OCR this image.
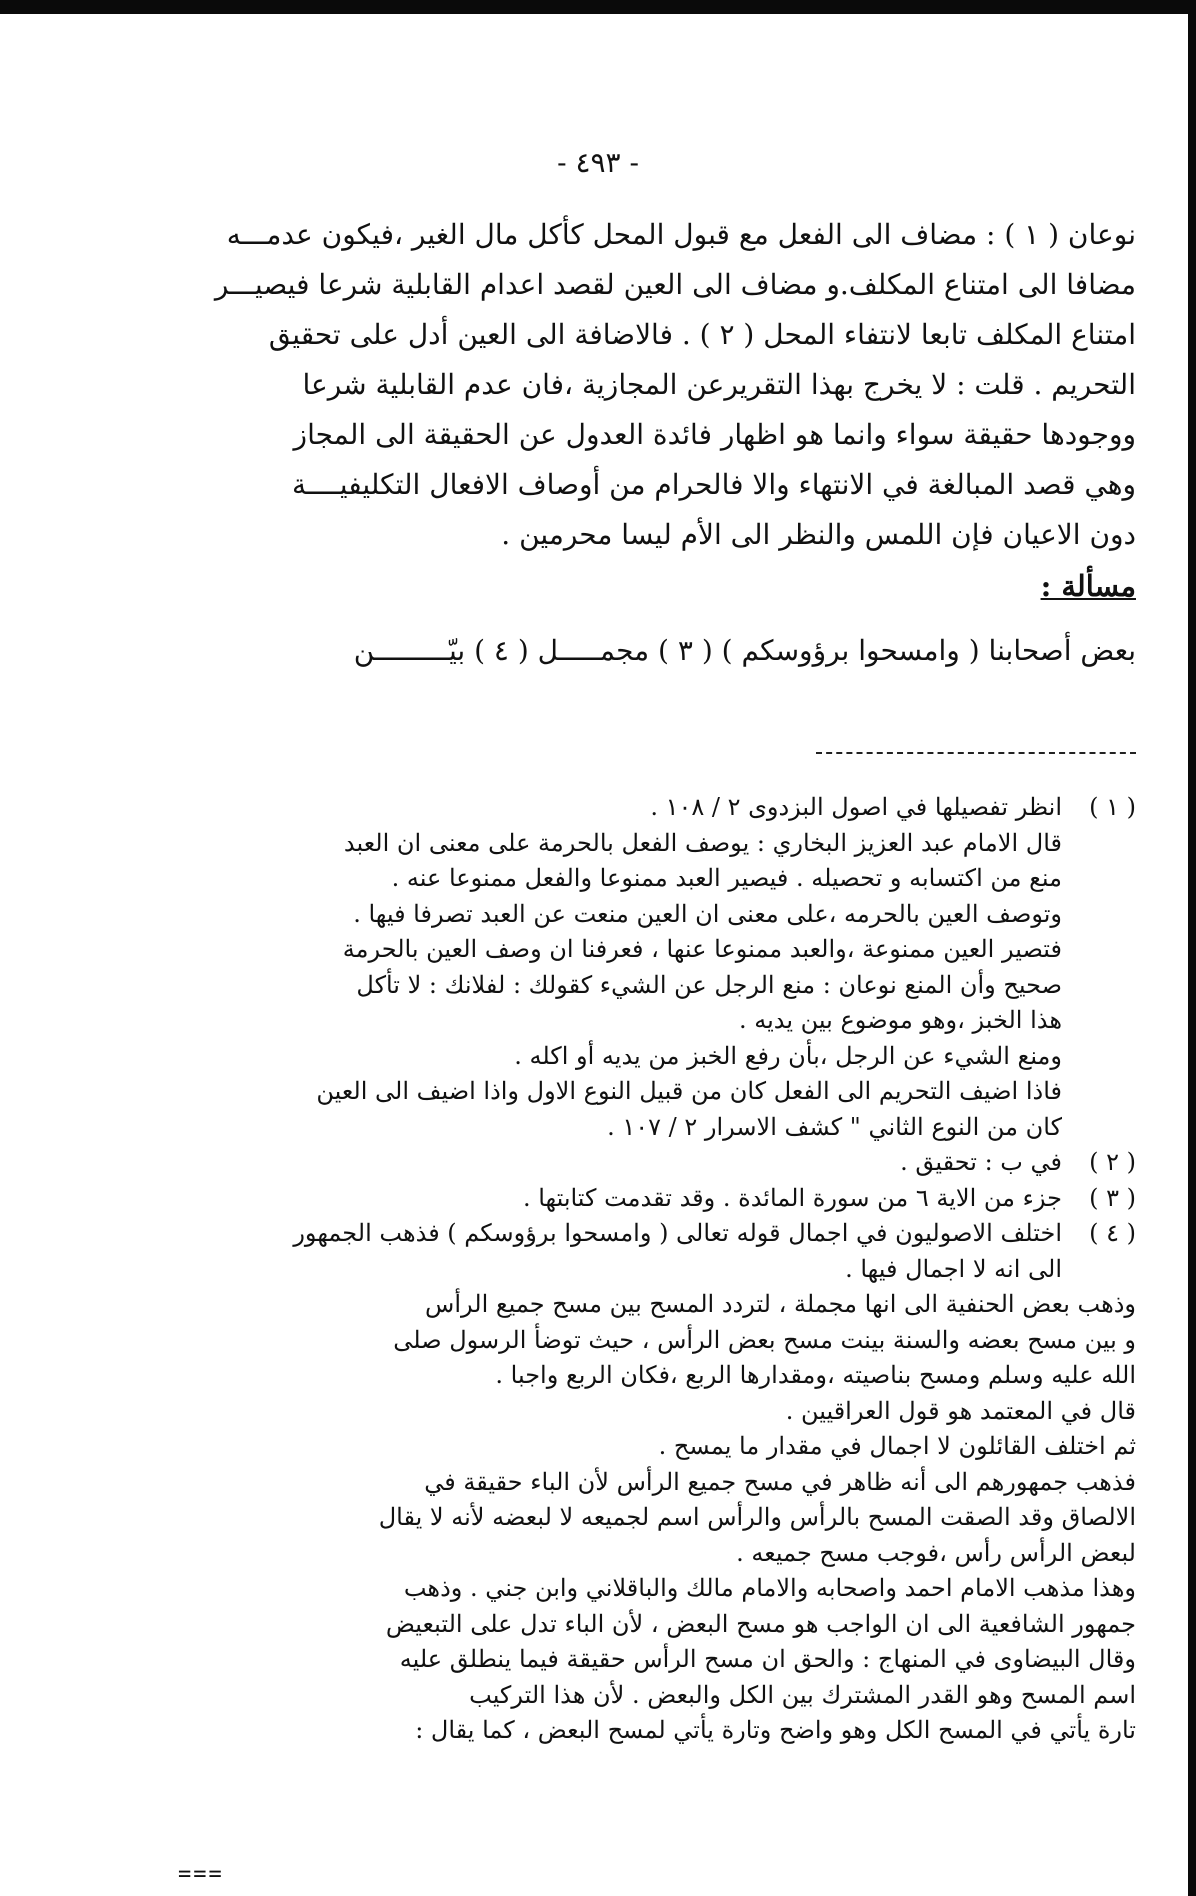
- ٤٩٣ -
نوعان ( ١ ) : مضاف الى الفعل مع قبول المحل كأكل مال الغير ،فيكون عدمـــه
مضافا الى امتناع المكلف.و مضاف الى العين لقصد اعدام القابلية شرعا فيصيـــر
امتناع المكلف تابعا لانتفاء المحل ( ٢ ) . فالاضافة الى العين أدل على تحقيق
التحريم . قلت : لا يخرج بهذا التقريرعن المجازية ،فان عدم القابلية شرعا
ووجودها حقيقة سواء وانما هو اظهار فائدة العدول عن الحقيقة الى المجاز
وهي قصد المبالغة في الانتهاء والا فالحرام من أوصاف الافعال التكليفيــــة
دون الاعيان فإن اللمس والنظر الى الأم ليسا محرمين .
مسألة :
بعض أصحابنا ( وامسحوا برؤوسكم ) ( ٣ ) مجمـــــل ( ٤ ) بيّـــــــــن
( ١ )
انظر تفصيلها في اصول البزدوى ٢ / ١٠٨ .
قال الامام عبد العزيز البخاري : يوصف الفعل بالحرمة على معنى ان العبد
منع من اكتسابه و تحصيله . فيصير العبد ممنوعا والفعل ممنوعا عنه .
وتوصف العين بالحرمه ،على معنى ان العين منعت عن العبد تصرفا فيها .
فتصير العين ممنوعة ،والعبد ممنوعا عنها ، فعرفنا ان وصف العين بالحرمة
صحيح وأن المنع نوعان : منع الرجل عن الشيء كقولك : لفلانك : لا تأكل
هذا الخبز ،وهو موضوع بين يديه .
ومنع الشيء عن الرجل ،بأن رفع الخبز من يديه أو اكله .
فاذا اضيف التحريم الى الفعل كان من قبيل النوع الاول واذا اضيف الى العين
كان من النوع الثاني " كشف الاسرار ٢ / ١٠٧ .
( ٢ )
في ب : تحقيق .
( ٣ )
جزء من الاية ٦ من سورة المائدة . وقد تقدمت كتابتها .
( ٤ )
اختلف الاصوليون في اجمال قوله تعالى ( وامسحوا برؤوسكم ) فذهب الجمهور
الى انه لا اجمال فيها .
وذهب بعض الحنفية الى انها مجملة ، لتردد المسح بين مسح جميع الرأس
و بين مسح بعضه والسنة بينت مسح بعض الرأس ، حيث توضأ الرسول صلى
الله عليه وسلم ومسح بناصيته ،ومقدارها الربع ،فكان الربع واجبا .
قال في المعتمد هو قول العراقيين .
ثم اختلف القائلون لا اجمال في مقدار ما يمسح .
فذهب جمهورهم الى أنه ظاهر في مسح جميع الرأس لأن الباء حقيقة في
الالصاق وقد الصقت المسح بالرأس والرأس اسم لجميعه لا لبعضه لأنه لا يقال
لبعض الرأس رأس ،فوجب مسح جميعه .
وهذا مذهب الامام احمد واصحابه والامام مالك والباقلاني وابن جني . وذهب
جمهور الشافعية الى ان الواجب هو مسح البعض ، لأن الباء تدل على التبعيض
وقال البيضاوى في المنهاج : والحق ان مسح الرأس حقيقة فيما ينطلق عليه
اسم المسح وهو القدر المشترك بين الكل والبعض . لأن هذا التركيب
تارة يأتي في المسح الكل وهو واضح وتارة يأتي لمسح البعض ، كما يقال :
===
